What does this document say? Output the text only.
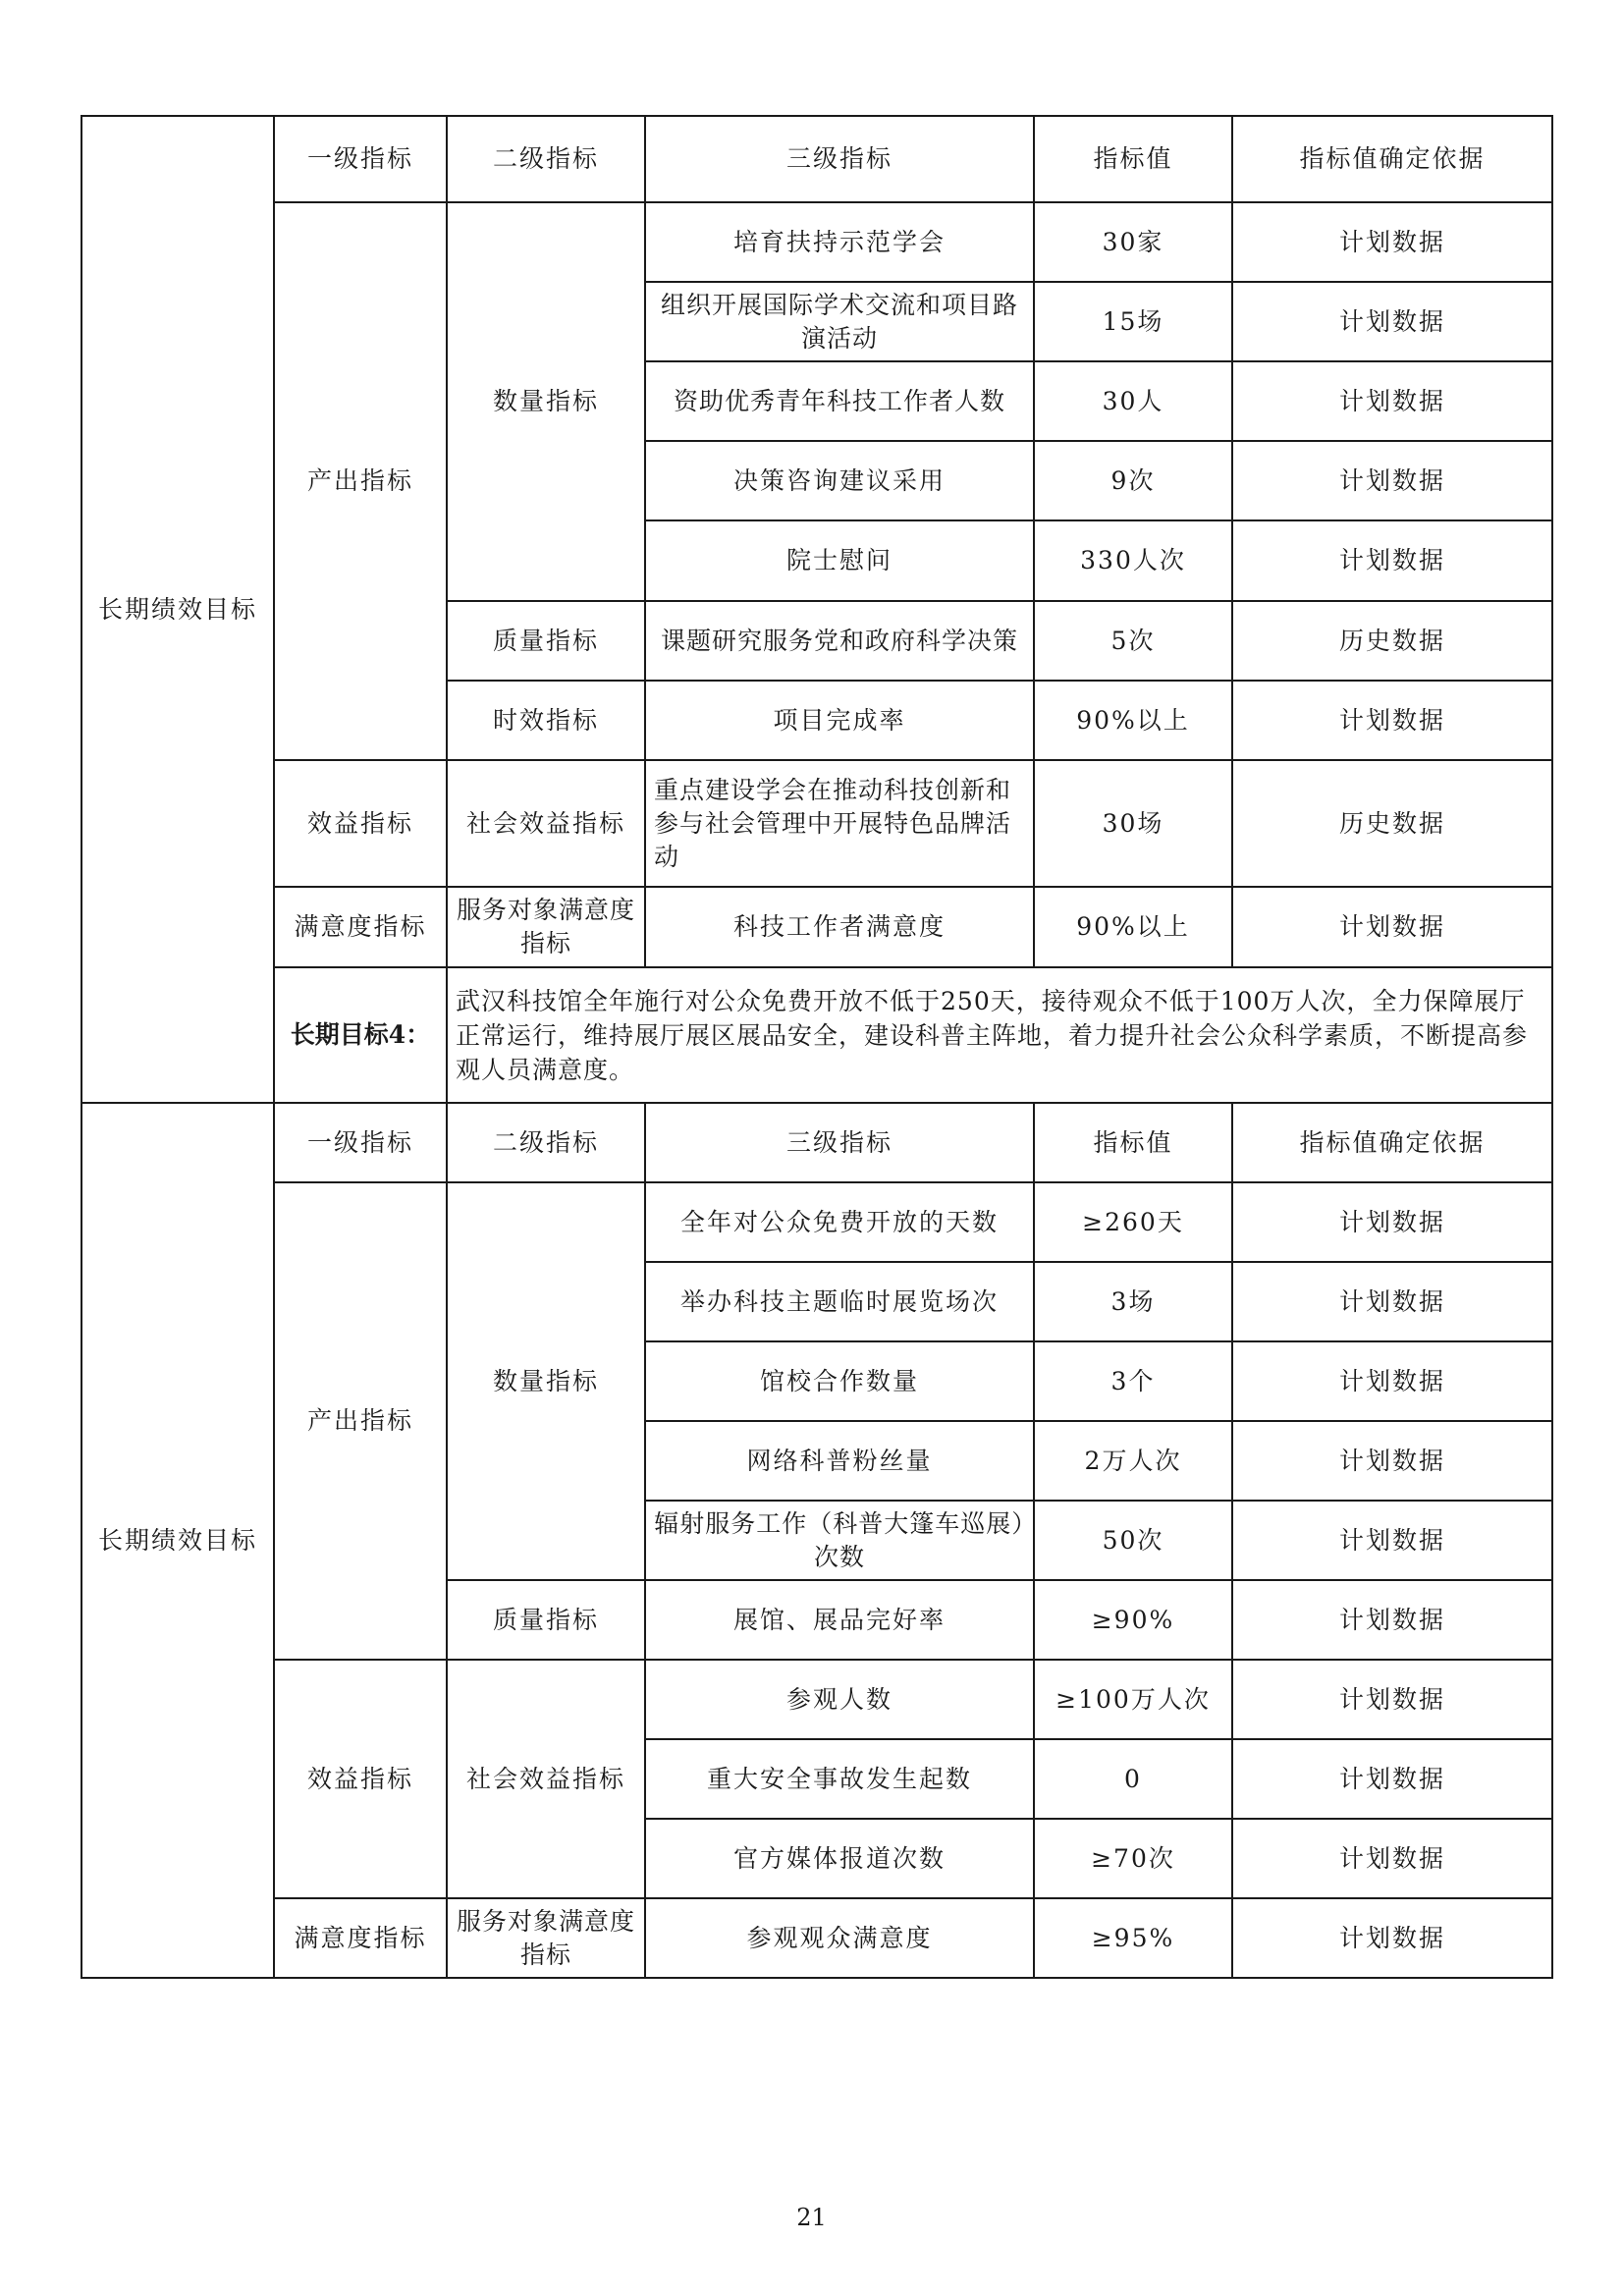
长期绩效目标	一级指标	二级指标	三级指标	指标值	指标值确定依据
	产出指标	数量指标	培育扶持示范学会	30家	计划数据
			组织开展国际学术交流和项目路演活动	15场	计划数据
			资助优秀青年科技工作者人数	30人	计划数据
			决策咨询建议采用	9次	计划数据
			院士慰问	330人次	计划数据
		质量指标	课题研究服务党和政府科学决策	5次	历史数据
		时效指标	项目完成率	90%以上	计划数据
	效益指标	社会效益指标	重点建设学会在推动科技创新和参与社会管理中开展特色品牌活动	30场	历史数据
	满意度指标	服务对象满意度指标	科技工作者满意度	90%以上	计划数据
	长期目标4：	武汉科技馆全年施行对公众免费开放不低于250天，接待观众不低于100万人次，全力保障展厅正常运行，维持展厅展区展品安全，建设科普主阵地，着力提升社会公众科学素质，不断提高参观人员满意度。			
长期绩效目标	一级指标	二级指标	三级指标	指标值	指标值确定依据
	产出指标	数量指标	全年对公众免费开放的天数	≥260天	计划数据
			举办科技主题临时展览场次	3场	计划数据
			馆校合作数量	3个	计划数据
			网络科普粉丝量	2万人次	计划数据
			辐射服务工作（科普大篷车巡展）次数	50次	计划数据
		质量指标	展馆、展品完好率	≥90%	计划数据
	效益指标	社会效益指标	参观人数	≥100万人次	计划数据
			重大安全事故发生起数	0	计划数据
			官方媒体报道次数	≥70次	计划数据
	满意度指标	服务对象满意度指标	参观观众满意度	≥95%	计划数据
21
